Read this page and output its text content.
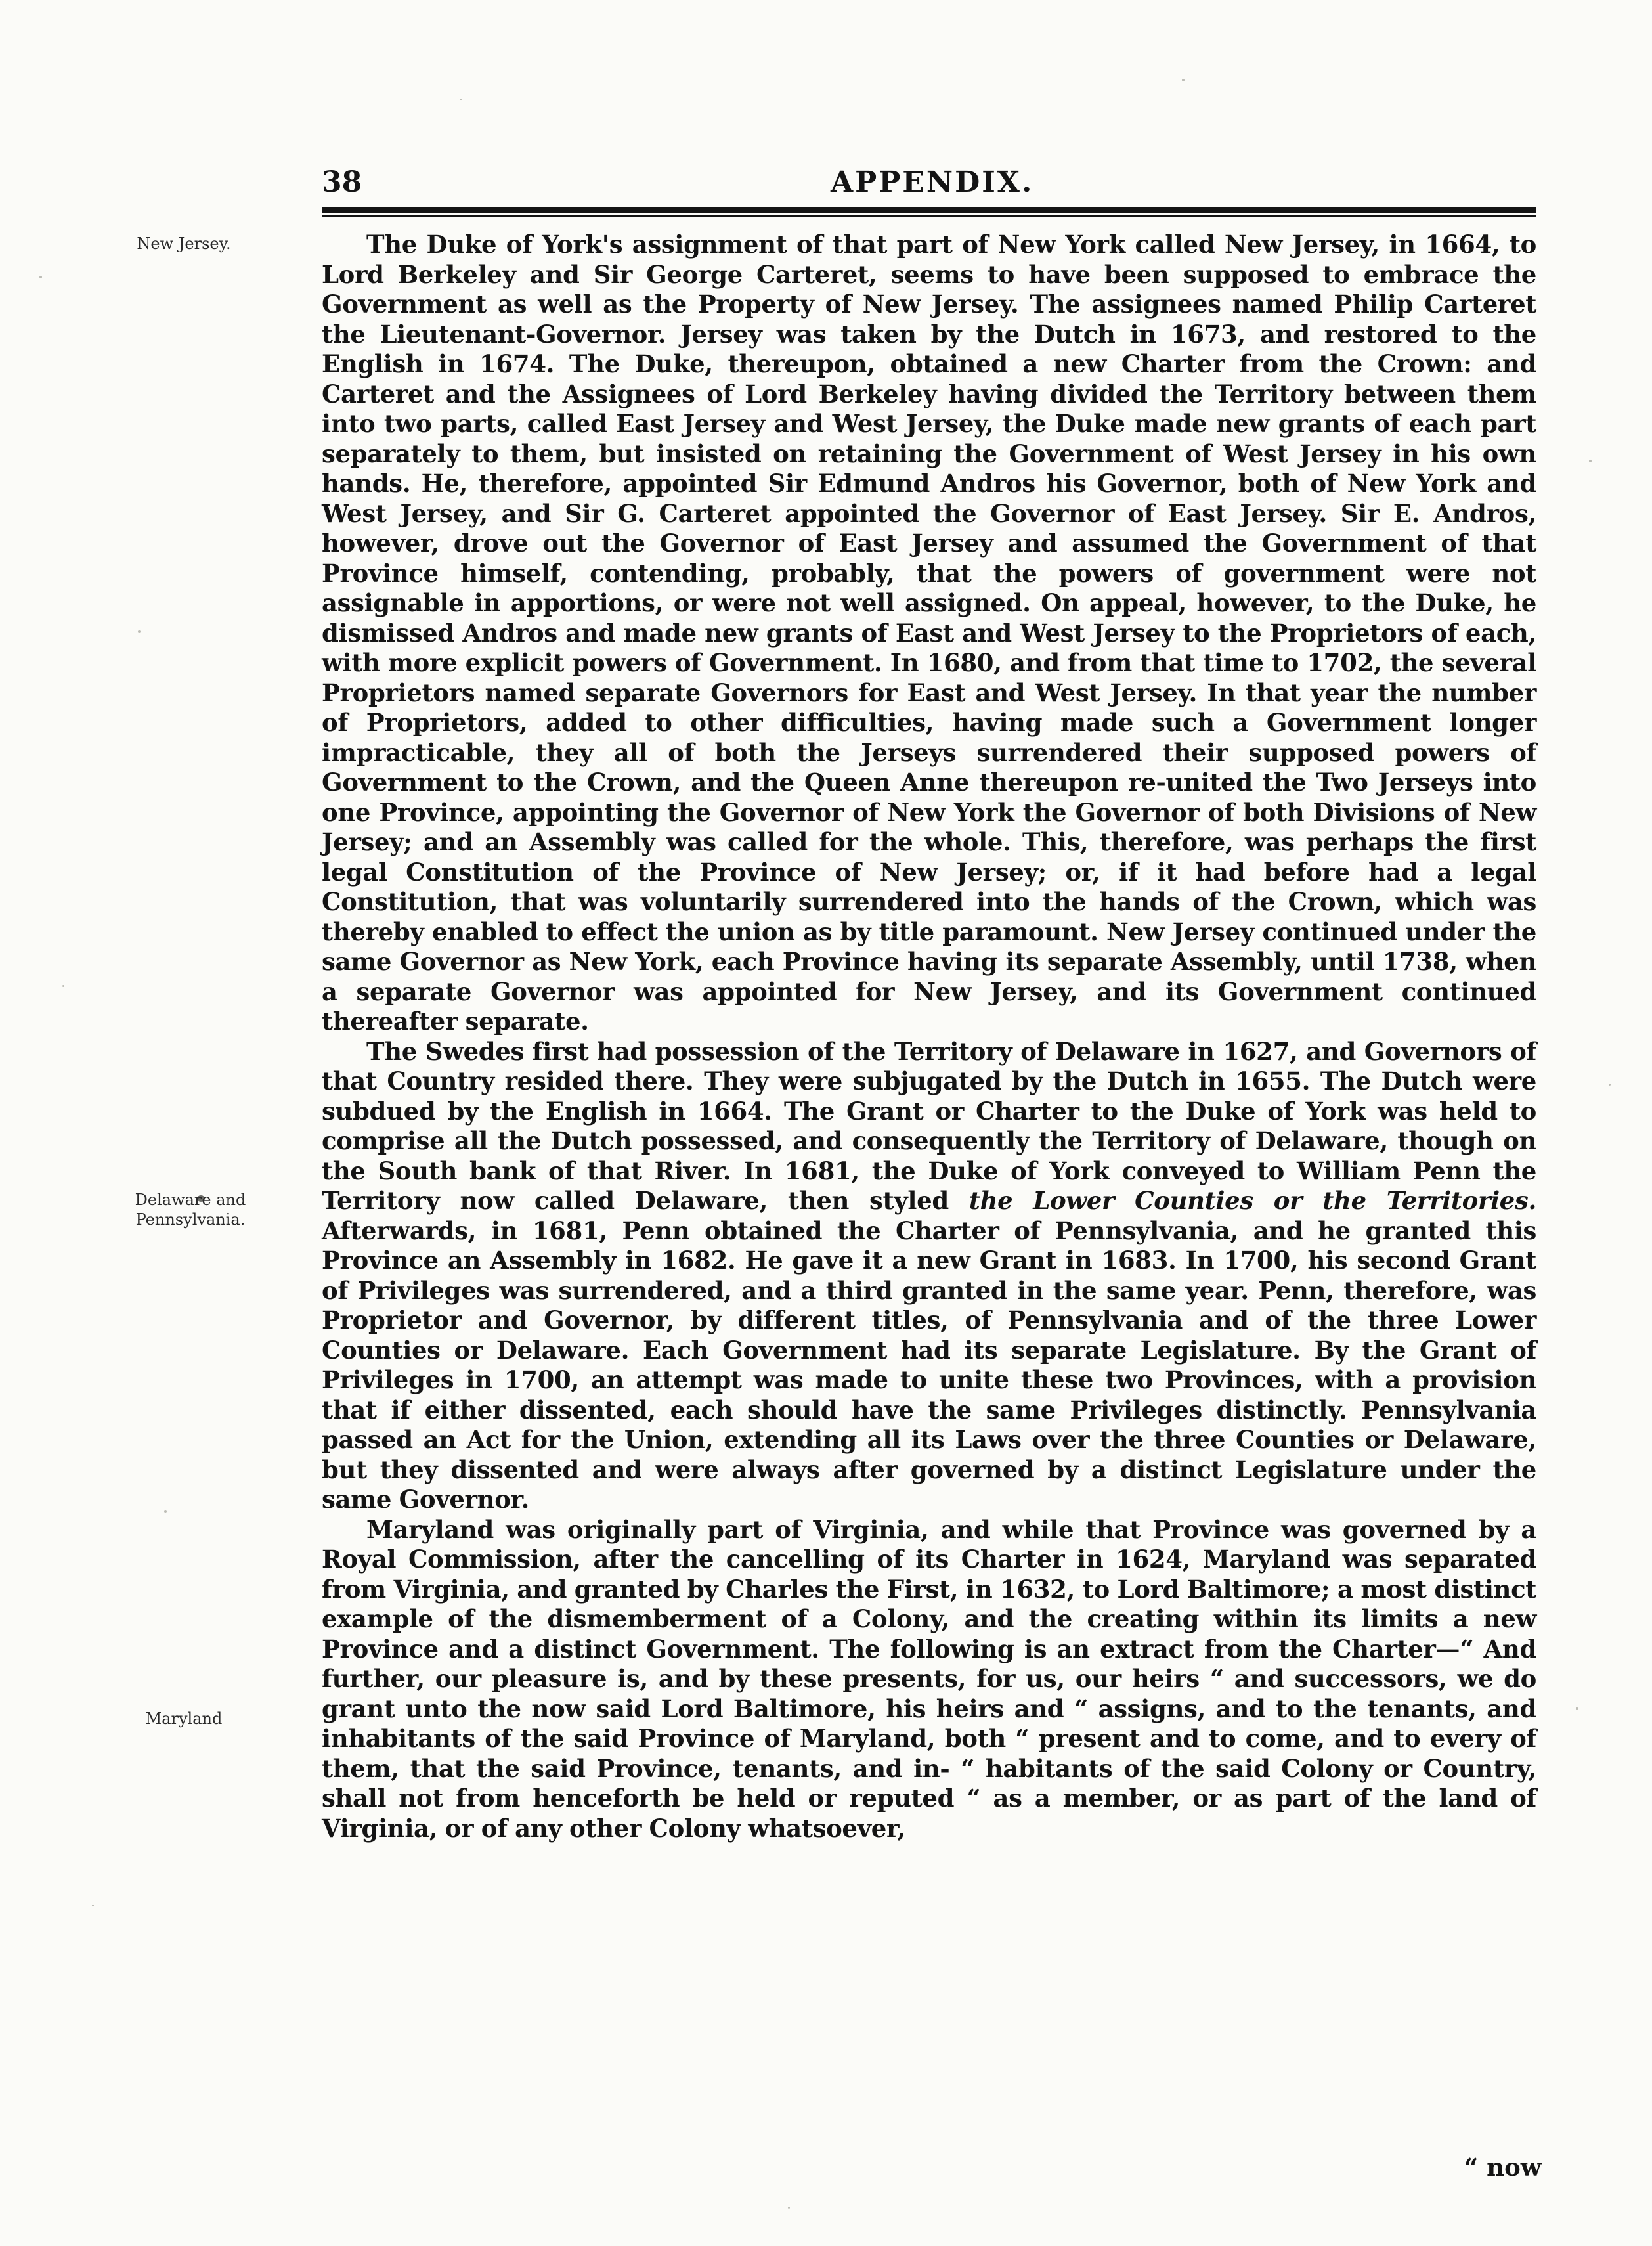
38	APPENDIX.
New Jersey.
Delaware and Pennsylvania.
Maryland

The Duke of York's assignment of that part of New York called New Jersey, in 1664, to Lord Berkeley and Sir George Carteret, seems to have been supposed to embrace the Government as well as the Property of New Jersey. The assignees named Philip Carteret the Lieutenant-Governor. Jersey was taken by the Dutch in 1673, and restored to the English in 1674. The Duke, thereupon, obtained a new Charter from the Crown: and Carteret and the Assignees of Lord Berkeley having divided the Territory between them into two parts, called East Jersey and West Jersey, the Duke made new grants of each part separately to them, but insisted on retaining the Government of West Jersey in his own hands. He, therefore, appointed Sir Edmund Andros his Governor, both of New York and West Jersey, and Sir G. Carteret appointed the Governor of East Jersey. Sir E. Andros, however, drove out the Governor of East Jersey and assumed the Government of that Province himself, contending, probably, that the powers of government were not assignable in apportions, or were not well assigned. On appeal, however, to the Duke, he dismissed Andros and made new grants of East and West Jersey to the Proprietors of each, with more explicit powers of Government. In 1680, and from that time to 1702, the several Proprietors named separate Governors for East and West Jersey. In that year the number of Proprietors, added to other difficulties, having made such a Government longer impracticable, they all of both the Jerseys surrendered their supposed powers of Government to the Crown, and the Queen Anne thereupon re-united the Two Jerseys into one Province, appointing the Governor of New York the Governor of both Divisions of New Jersey; and an Assembly was called for the whole. This, therefore, was perhaps the first legal Constitution of the Province of New Jersey; or, if it had before had a legal Constitution, that was voluntarily surrendered into the hands of the Crown, which was thereby enabled to effect the union as by title paramount. New Jersey continued under the same Governor as New York, each Province having its separate Assembly, until 1738, when a separate Governor was appointed for New Jersey, and its Government continued thereafter separate.

The Swedes first had possession of the Territory of Delaware in 1627, and Governors of that Country resided there. They were subjugated by the Dutch in 1655. The Dutch were subdued by the English in 1664. The Grant or Charter to the Duke of York was held to comprise all the Dutch possessed, and consequently the Territory of Delaware, though on the South bank of that River. In 1681, the Duke of York conveyed to William Penn the Territory now called Delaware, then styled the Lower Counties or the Territories. Afterwards, in 1681, Penn obtained the Charter of Pennsylvania, and he granted this Province an Assembly in 1682. He gave it a new Grant in 1683. In 1700, his second Grant of Privileges was surrendered, and a third granted in the same year. Penn, therefore, was Proprietor and Governor, by different titles, of Pennsylvania and of the three Lower Counties or Delaware. Each Government had its separate Legislature. By the Grant of Privileges in 1700, an attempt was made to unite these two Provinces, with a provision that if either dissented, each should have the same Privileges distinctly. Pennsylvania passed an Act for the Union, extending all its Laws over the three Counties or Delaware, but they dissented and were always after governed by a distinct Legislature under the same Governor.

Maryland was originally part of Virginia, and while that Province was governed by a Royal Commission, after the cancelling of its Charter in 1624, Maryland was separated from Virginia, and granted by Charles the First, in 1632, to Lord Baltimore; a most distinct example of the dismemberment of a Colony, and the creating within its limits a new Province and a distinct Government. The following is an extract from the Charter—“ And further, our pleasure is, and by these presents, for us, our heirs “ and successors, we do grant unto the now said Lord Baltimore, his heirs and “ assigns, and to the tenants, and inhabitants of the said Province of Maryland, both “ present and to come, and to every of them, that the said Province, tenants, and in- “ habitants of the said Colony or Country, shall not from henceforth be held or reputed “ as a member, or as part of the land of Virginia, or of any other Colony whatsoever,

“ now
